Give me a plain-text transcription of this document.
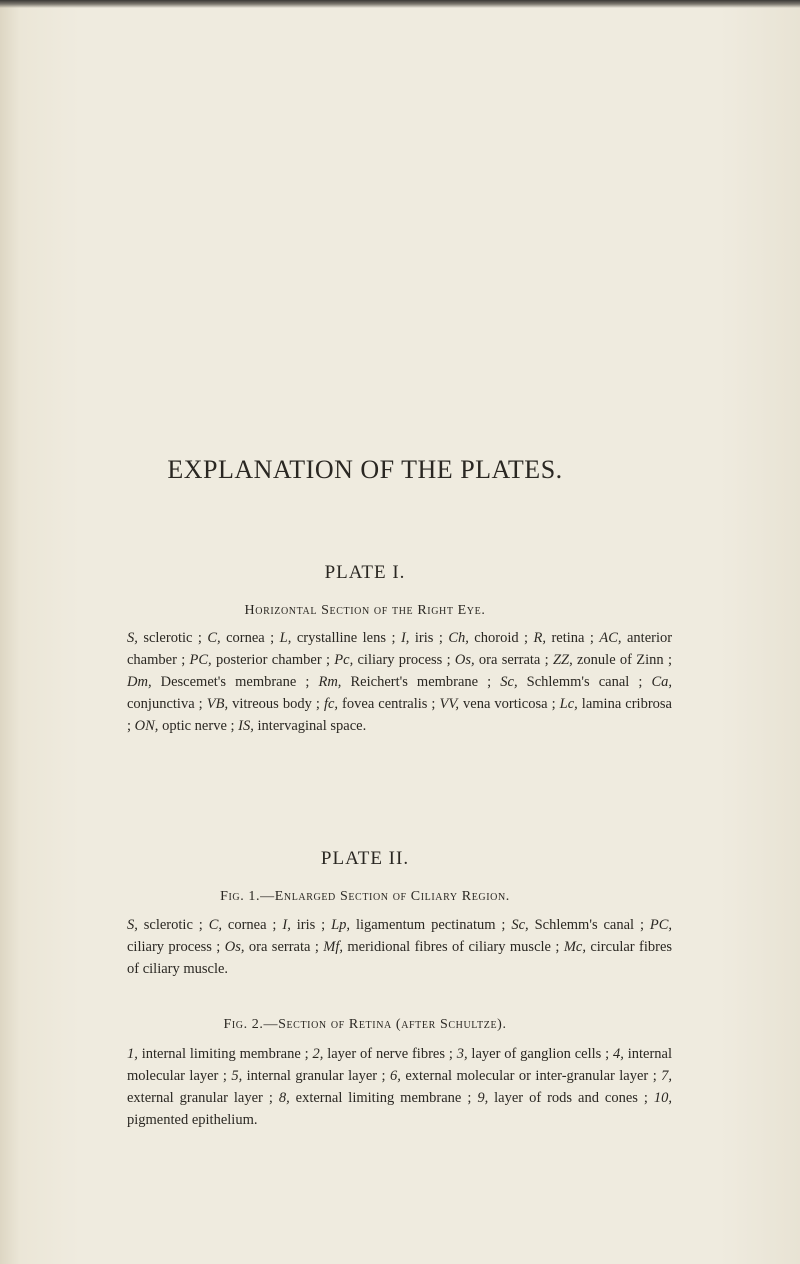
EXPLANATION OF THE PLATES.
PLATE I.
Horizontal Section of the Right Eye.
S, sclerotic ; C, cornea ; L, crystalline lens ; I, iris ; Ch, choroid ; R, retina ; AC, anterior chamber ; PC, posterior chamber ; Pc, ciliary process ; Os, ora serrata ; ZZ, zonule of Zinn ; Dm, Descemet's membrane ; Rm, Reichert's membrane ; Sc, Schlemm's canal ; Ca, conjunctiva ; VB, vitreous body ; fc, fovea centralis ; VV, vena vorticosa ; Lc, lamina cribrosa ; ON, optic nerve ; IS, intervaginal space.
PLATE II.
Fig. 1.—Enlarged Section of Ciliary Region.
S, sclerotic ; C, cornea ; I, iris ; Lp, ligamentum pectinatum ; Sc, Schlemm's canal ; PC, ciliary process ; Os, ora serrata ; Mf, meridional fibres of ciliary muscle ; Mc, circular fibres of ciliary muscle.
Fig. 2.—Section of Retina (after Schultze).
1, internal limiting membrane ; 2, layer of nerve fibres ; 3, layer of ganglion cells ; 4, internal molecular layer ; 5, internal granular layer ; 6, external molecular or inter-granular layer ; 7, external granular layer ; 8, external limiting membrane ; 9, layer of rods and cones ; 10, pigmented epithelium.
